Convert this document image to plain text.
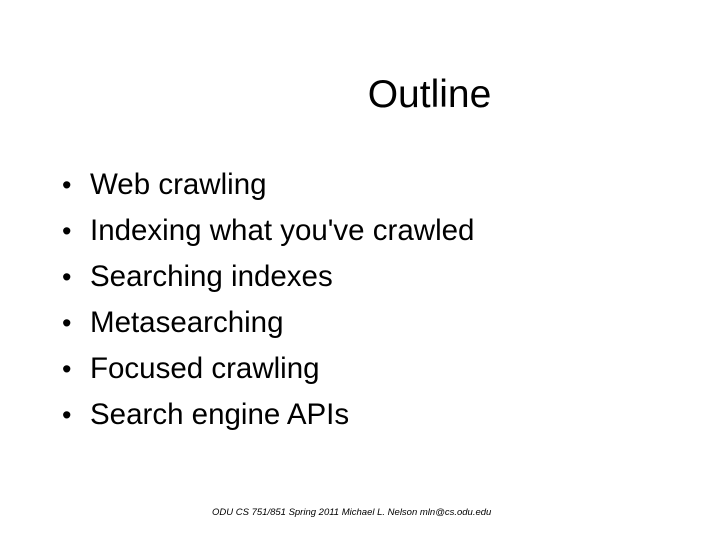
Outline
• Web crawling
• Indexing what you've crawled
• Searching indexes
• Metasearching
• Focused crawling
• Search engine APIs
ODU CS 751/851 Spring 2011 Michael L. Nelson mln@cs.odu.edu
